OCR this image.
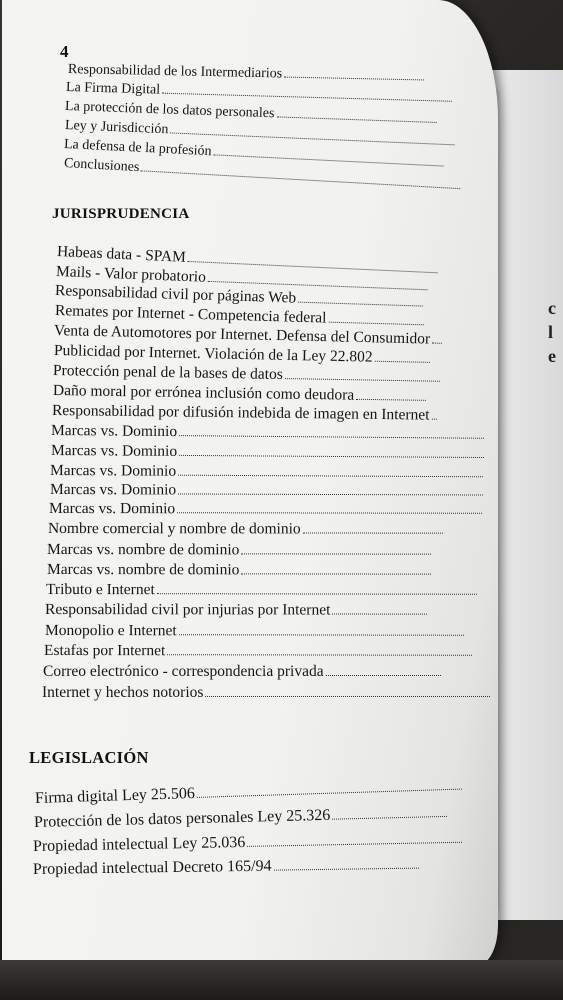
c
l
e
4
Responsabilidad de los Intermediarios
La Firma Digital
La protección de los datos personales
Ley y Jurisdicción
La defensa de la profesión
Conclusiones
JURISPRUDENCIA
Habeas data - SPAM
Mails - Valor probatorio
Responsabilidad civil por páginas Web
Remates por Internet - Competencia federal
Venta de Automotores por Internet. Defensa del Consumidor
Publicidad por Internet. Violación de la Ley 22.802
Protección penal de la bases de datos
Daño moral por errónea inclusión como deudora
Responsabilidad por difusión indebida de imagen en Internet
Marcas vs. Dominio
Marcas vs. Dominio
Marcas vs. Dominio
Marcas vs. Dominio
Marcas vs. Dominio
Nombre comercial y nombre de dominio
Marcas vs. nombre de dominio
Marcas vs. nombre de dominio
Tributo e Internet
Responsabilidad civil por injurias por Internet
Monopolio e Internet
Estafas por Internet
Correo electrónico - correspondencia privada
Internet y hechos notorios
LEGISLACIÓN
Firma digital Ley 25.506
Protección de los datos personales Ley 25.326
Propiedad intelectual Ley 25.036
Propiedad intelectual Decreto 165/94
